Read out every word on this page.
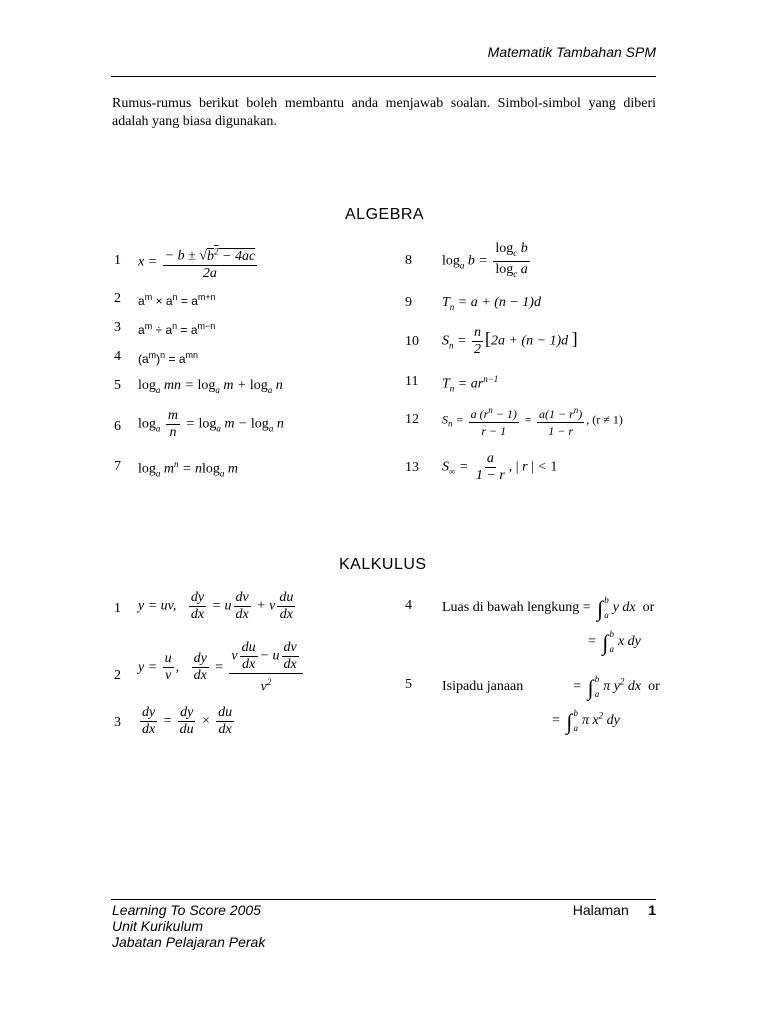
Matematik Tambahan SPM
Rumus-rumus berikut boleh membantu anda menjawab soalan. Simbol-simbol yang diberi adalah yang biasa digunakan.
ALGEBRA
1 $x = \frac{- b \pm √b^2 - 4ac}{2a}$
2 $a^m \times a^n = a^{m+n}$
3 $a^m \div a^n = a^{m-n}$
4 $(a^m)^n = a^{mn}$
5 $\log_a$ mn = $\log_a m + \log_a n$
6 $\log_a \frac{m}{n} = \log_a m - \log_a n$
7 $\log_a m^n = nlog_a$ m
8 $\log_a b = \frac{\log_c b}{\log_c a}$
9 $T_n = a + (n - 1)d$
10 $S_n = \frac{n}{2} [2a + (n - 1)d$ ]
11 $T_n = ar^{n-1}$
12 $S_n = \frac{a (r^n - 1)}{r - 1} = \frac{a(1 - r^n)}{1 - r}$ , (r ≠ 1)
13 $S_\infty = \frac{a}{1 - r}$ , | r | < 1
KALKULUS
1 y = uv, $\frac{dy}{dx} = u \frac{dv}{dx} + v \frac{du}{dx}$
2
$y = \frac{u}{v}$ , $\frac{dy}{dx} = \frac{v \frac{du}{dx} - u \frac{dv}{dx}}{v^2}$
$3 \frac{dy}{dx} = \frac{dy}{du} \times \frac{du}{dx}$
4 Luas di bawah lengkung = ∫ b
a y dx or
= ∫ b
a x dy
5 Isipadu janaan	= ∫ b
a π $y^2$ dx or
= ∫ b
a π $x^2$ dy
Learning To Score 2005
Unit Kurikulum
Jabatan Pelajaran Perak
Halaman 1
